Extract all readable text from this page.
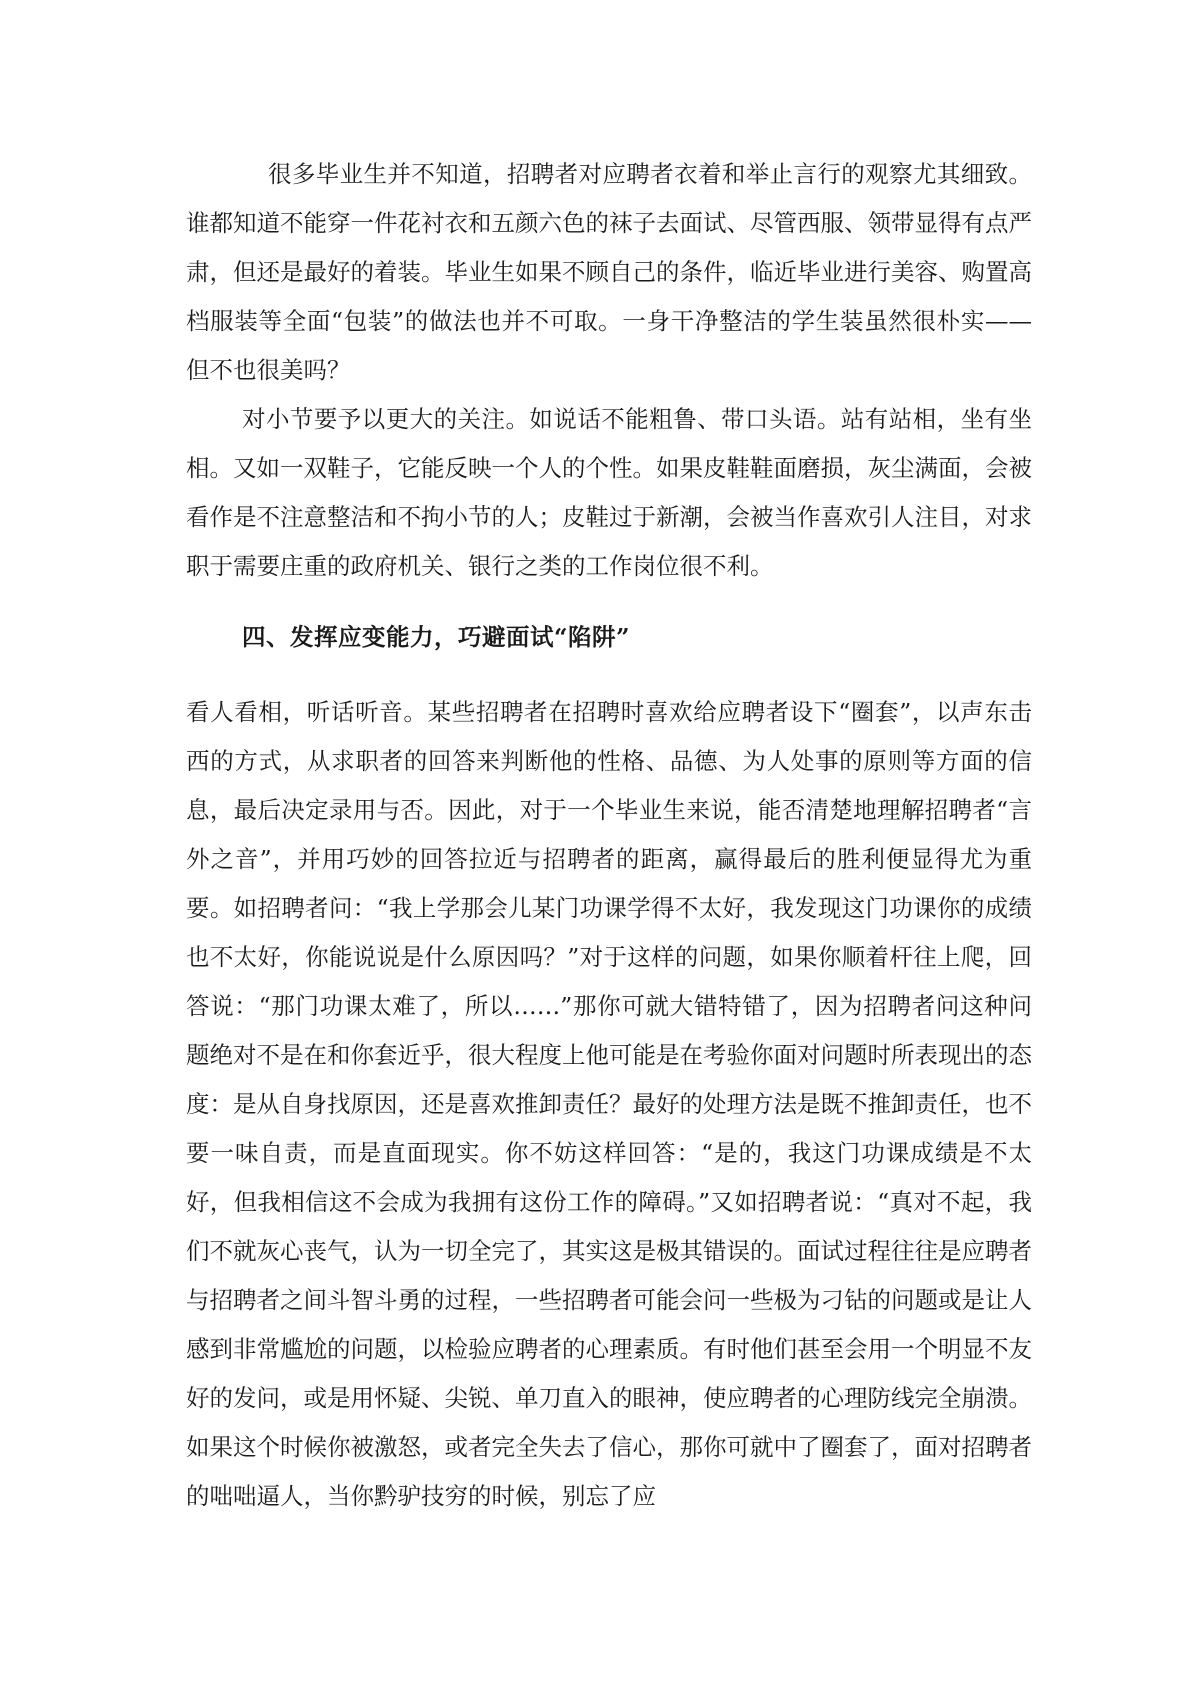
很多毕业生并不知道，招聘者对应聘者衣着和举止言行的观察尤其细致。谁都知道不能穿一件花衬衣和五颜六色的袜子去面试、尽管西服、领带显得有点严肃，但还是最好的着装。毕业生如果不顾自己的条件，临近毕业进行美容、购置高档服装等全面“包装”的做法也并不可取。一身干净整洁的学生装虽然很朴实——但不也很美吗？

对小节要予以更大的关注。如说话不能粗鲁、带口头语。站有站相，坐有坐相。又如一双鞋子，它能反映一个人的个性。如果皮鞋鞋面磨损，灰尘满面，会被看作是不注意整洁和不拘小节的人；皮鞋过于新潮，会被当作喜欢引人注目，对求职于需要庄重的政府机关、银行之类的工作岗位很不利。

四、发挥应变能力，巧避面试“陷阱”

看人看相，听话听音。某些招聘者在招聘时喜欢给应聘者设下“圈套”，以声东击西的方式，从求职者的回答来判断他的性格、品德、为人处事的原则等方面的信息，最后决定录用与否。因此，对于一个毕业生来说，能否清楚地理解招聘者“言外之音”，并用巧妙的回答拉近与招聘者的距离，赢得最后的胜利便显得尤为重要。如招聘者问：“我上学那会儿某门功课学得不太好，我发现这门功课你的成绩也不太好，你能说说是什么原因吗？”对于这样的问题，如果你顺着杆往上爬，回答说：“那门功课太难了，所以……”那你可就大错特错了，因为招聘者问这种问题绝对不是在和你套近乎，很大程度上他可能是在考验你面对问题时所表现出的态度：是从自身找原因，还是喜欢推卸责任？最好的处理方法是既不推卸责任，也不要一味自责，而是直面现实。你不妨这样回答：“是的，我这门功课成绩是不太好，但我相信这不会成为我拥有这份工作的障碍。”又如招聘者说：“真对不起，我们不就灰心丧气，认为一切全完了，其实这是极其错误的。面试过程往往是应聘者与招聘者之间斗智斗勇的过程，一些招聘者可能会问一些极为刁钻的问题或是让人感到非常尴尬的问题，以检验应聘者的心理素质。有时他们甚至会用一个明显不友好的发问，或是用怀疑、尖锐、单刀直入的眼神，使应聘者的心理防线完全崩溃。如果这个时候你被激怒，或者完全失去了信心，那你可就中了圈套了，面对招聘者的咄咄逼人，当你黔驴技穷的时候，别忘了应
